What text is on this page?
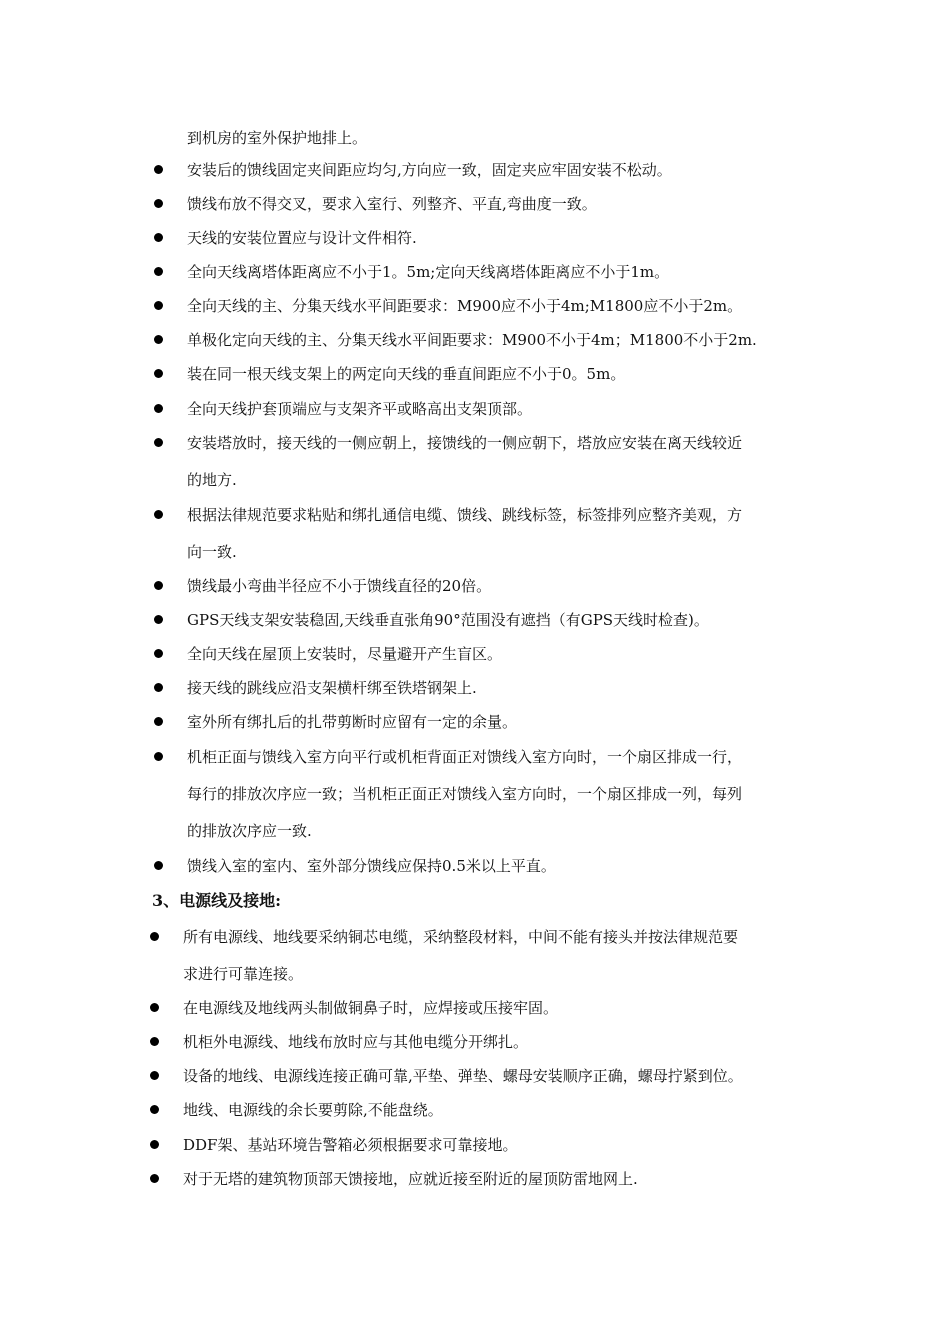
到机房的室外保护地排上。
安装后的馈线固定夹间距应均匀,方向应一致，固定夹应牢固安装不松动。
馈线布放不得交叉，要求入室行、列整齐、平直,弯曲度一致。
天线的安装位置应与设计文件相符.
全向天线离塔体距离应不小于1。5m;定向天线离塔体距离应不小于1m。
全向天线的主、分集天线水平间距要求：M900应不小于4m;M1800应不小于2m。
单极化定向天线的主、分集天线水平间距要求：M900不小于4m；M1800不小于2m.
装在同一根天线支架上的两定向天线的垂直间距应不小于0。5m。
全向天线护套顶端应与支架齐平或略高出支架顶部。
安装塔放时，接天线的一侧应朝上，接馈线的一侧应朝下，塔放应安装在离天线较近
的地方.
根据法律规范要求粘贴和绑扎通信电缆、馈线、跳线标签，标签排列应整齐美观，方
向一致.
馈线最小弯曲半径应不小于馈线直径的20倍。
GPS天线支架安装稳固,天线垂直张角90°范围没有遮挡（有GPS天线时检查)。
全向天线在屋顶上安装时，尽量避开产生盲区。
接天线的跳线应沿支架横杆绑至铁塔钢架上.
室外所有绑扎后的扎带剪断时应留有一定的余量。
机柜正面与馈线入室方向平行或机柜背面正对馈线入室方向时，一个扇区排成一行，
每行的排放次序应一致；当机柜正面正对馈线入室方向时，一个扇区排成一列，每列
的排放次序应一致.
馈线入室的室内、室外部分馈线应保持0.5米以上平直。
3、电源线及接地:
所有电源线、地线要采纳铜芯电缆，采纳整段材料，中间不能有接头并按法律规范要
求进行可靠连接。
在电源线及地线两头制做铜鼻子时，应焊接或压接牢固。
机柜外电源线、地线布放时应与其他电缆分开绑扎。
设备的地线、电源线连接正确可靠,平垫、弹垫、螺母安装顺序正确，螺母拧紧到位。
地线、电源线的余长要剪除,不能盘绕。
DDF架、基站环境告警箱必须根据要求可靠接地。
对于无塔的建筑物顶部天馈接地，应就近接至附近的屋顶防雷地网上.
